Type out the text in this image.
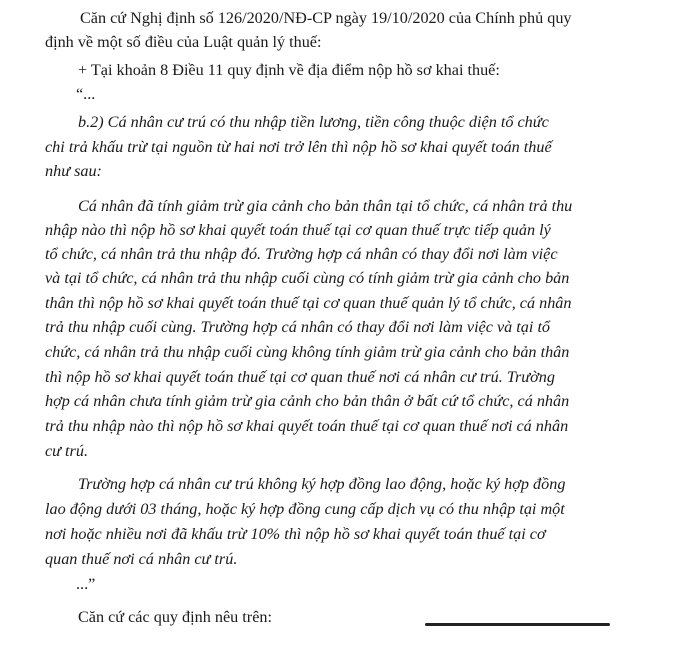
Căn cứ Nghị định số 126/2020/NĐ-CP ngày 19/10/2020 của Chính phủ quy
định về một số điều của Luật quản lý thuế:
+ Tại khoản 8 Điều 11 quy định về địa điểm nộp hồ sơ khai thuế:
“...
b.2) Cá nhân cư trú có thu nhập tiền lương, tiền công thuộc diện tổ chức
chi trả khấu trừ tại nguồn từ hai nơi trở lên thì nộp hồ sơ khai quyết toán thuế
như sau:
Cá nhân đã tính giảm trừ gia cảnh cho bản thân tại tổ chức, cá nhân trả thu
nhập nào thì nộp hồ sơ khai quyết toán thuế tại cơ quan thuế trực tiếp quản lý
tổ chức, cá nhân trả thu nhập đó. Trường hợp cá nhân có thay đổi nơi làm việc
và tại tổ chức, cá nhân trả thu nhập cuối cùng có tính giảm trừ gia cảnh cho bản
thân thì nộp hồ sơ khai quyết toán thuế tại cơ quan thuế quản lý tổ chức, cá nhân
trả thu nhập cuối cùng. Trường hợp cá nhân có thay đổi nơi làm việc và tại tổ
chức, cá nhân trả thu nhập cuối cùng không tính giảm trừ gia cảnh cho bản thân
thì nộp hồ sơ khai quyết toán thuế tại cơ quan thuế nơi cá nhân cư trú. Trường
hợp cá nhân chưa tính giảm trừ gia cảnh cho bản thân ở bất cứ tổ chức, cá nhân
trả thu nhập nào thì nộp hồ sơ khai quyết toán thuế tại cơ quan thuế nơi cá nhân
cư trú.
Trường hợp cá nhân cư trú không ký hợp đồng lao động, hoặc ký hợp đồng
lao động dưới 03 tháng, hoặc ký hợp đồng cung cấp dịch vụ có thu nhập tại một
nơi hoặc nhiều nơi đã khấu trừ 10% thì nộp hồ sơ khai quyết toán thuế tại cơ
quan thuế nơi cá nhân cư trú.
...”
Căn cứ các quy định nêu trên:
